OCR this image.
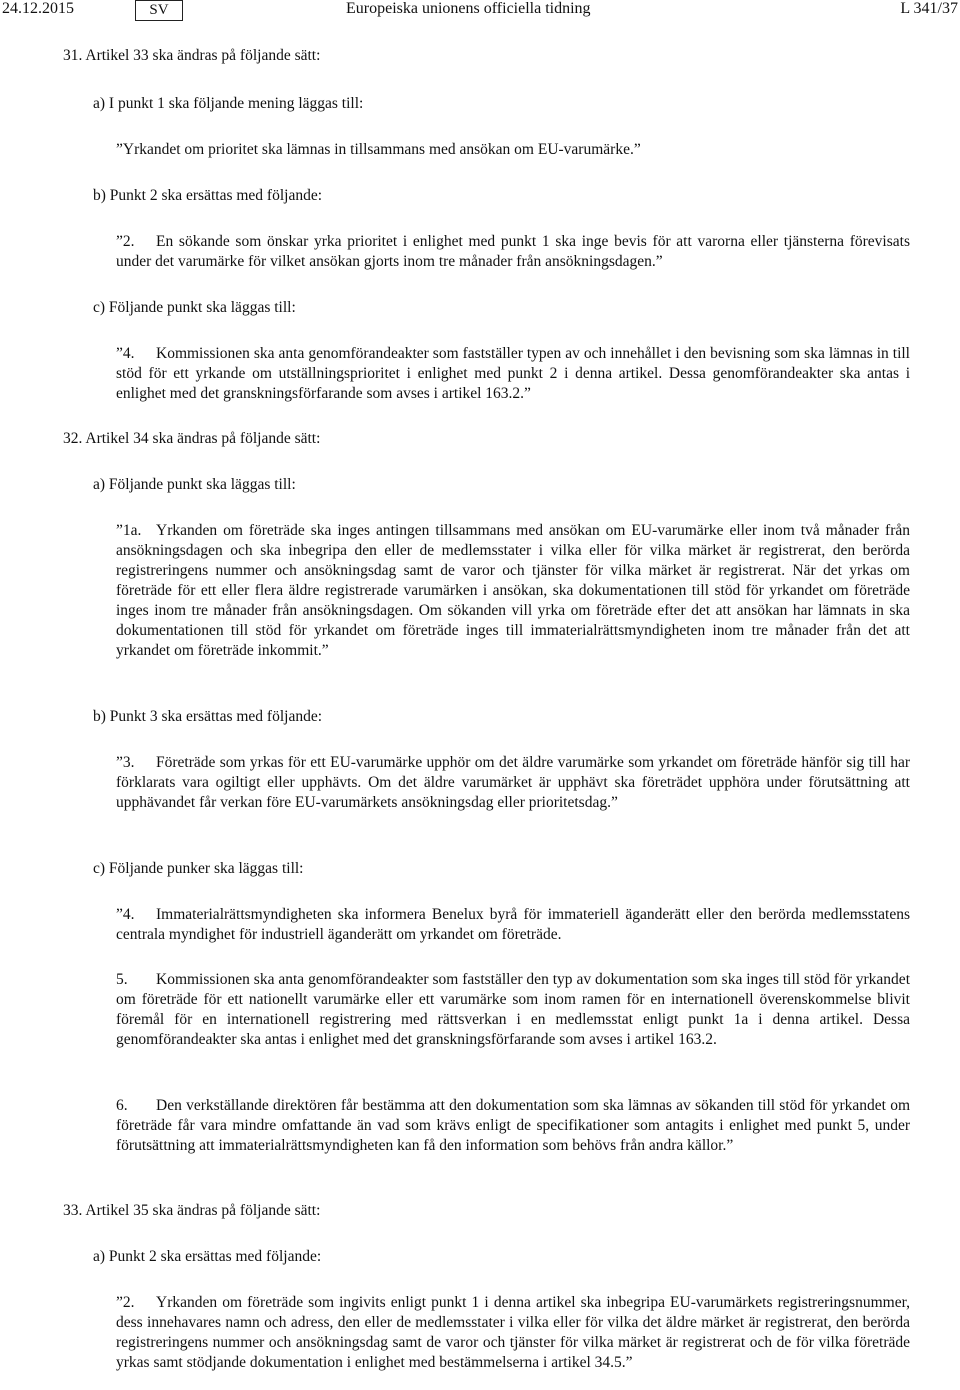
24.12.2015	SV	Europeiska unionens officiella tidning	L 341/37
31. Artikel 33 ska ändras på följande sätt:
a) I punkt 1 ska följande mening läggas till:
”Yrkandet om prioritet ska lämnas in tillsammans med ansökan om EU-varumärke.”
b) Punkt 2 ska ersättas med följande:
”2. En sökande som önskar yrka prioritet i enlighet med punkt 1 ska inge bevis för att varorna eller tjänsterna förevisats under det varumärke för vilket ansökan gjorts inom tre månader från ansökningsdagen.”
c) Följande punkt ska läggas till:
”4. Kommissionen ska anta genomförandeakter som fastställer typen av och innehållet i den bevisning som ska lämnas in till stöd för ett yrkande om utställningsprioritet i enlighet med punkt 2 i denna artikel. Dessa genomförandeakter ska antas i enlighet med det granskningsförfarande som avses i artikel 163.2.”
32. Artikel 34 ska ändras på följande sätt:
a) Följande punkt ska läggas till:
”1a. Yrkanden om företräde ska inges antingen tillsammans med ansökan om EU-varumärke eller inom två månader från ansökningsdagen och ska inbegripa den eller de medlemsstater i vilka eller för vilka märket är registrerat, den berörda registreringens nummer och ansökningsdag samt de varor och tjänster för vilka märket är registrerat. När det yrkas om företräde för ett eller flera äldre registrerade varumärken i ansökan, ska dokumentationen till stöd för yrkandet om företräde inges inom tre månader från ansökningsdagen. Om sökanden vill yrka om företräde efter det att ansökan har lämnats in ska dokumentationen till stöd för yrkandet om företräde inges till immaterialrättsmyndigheten inom tre månader från det att yrkandet om företräde inkommit.”
b) Punkt 3 ska ersättas med följande:
”3. Företräde som yrkas för ett EU-varumärke upphör om det äldre varumärke som yrkandet om företräde hänför sig till har förklarats vara ogiltigt eller upphävts. Om det äldre varumärket är upphävt ska företrädet upphöra under förutsättning att upphävandet får verkan före EU-varumärkets ansökningsdag eller prioritetsdag.”
c) Följande punker ska läggas till:
”4. Immaterialrättsmyndigheten ska informera Benelux byrå för immateriell äganderätt eller den berörda medlemsstatens centrala myndighet för industriell äganderätt om yrkandet om företräde.
5. Kommissionen ska anta genomförandeakter som fastställer den typ av dokumentation som ska inges till stöd för yrkandet om företräde för ett nationellt varumärke eller ett varumärke som inom ramen för en internationell överenskommelse blivit föremål för en internationell registrering med rättsverkan i en medlemsstat enligt punkt 1a i denna artikel. Dessa genomförandeakter ska antas i enlighet med det granskningsförfarande som avses i artikel 163.2.
6. Den verkställande direktören får bestämma att den dokumentation som ska lämnas av sökanden till stöd för yrkandet om företräde får vara mindre omfattande än vad som krävs enligt de specifikationer som antagits i enlighet med punkt 5, under förutsättning att immaterialrättsmyndigheten kan få den information som behövs från andra källor.”
33. Artikel 35 ska ändras på följande sätt:
a) Punkt 2 ska ersättas med följande:
”2. Yrkanden om företräde som ingivits enligt punkt 1 i denna artikel ska inbegripa EU-varumärkets registreringsnummer, dess innehavares namn och adress, den eller de medlemsstater i vilka eller för vilka det äldre märket är registrerat, den berörda registreringens nummer och ansökningsdag samt de varor och tjänster för vilka märket är registrerat och de för vilka företräde yrkas samt stödjande dokumentation i enlighet med bestämmelserna i artikel 34.5.”
